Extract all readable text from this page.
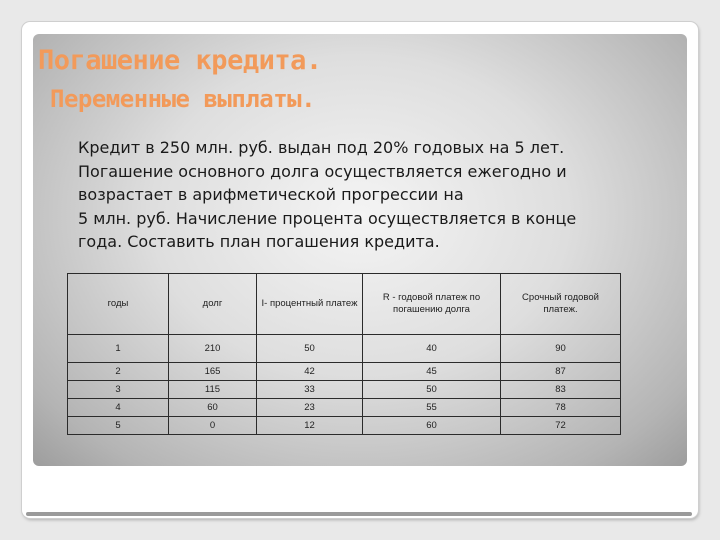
Погашение кредита.
Переменные выплаты.

Кредит в 250 млн. руб. выдан под 20% годовых на 5 лет.
Погашение основного долга осуществляется ежегодно и
возрастает в арифметической прогрессии на
5 млн. руб. Начисление процента осуществляется в конце
года. Составить план погашения кредита.

годы	долг	I- процентный платеж	R - годовой платеж по погашению долга	Срочный годовой платеж.
1	210	50	40	90
2	165	42	45	87
3	115	33	50	83
4	60	23	55	78
5	0	12	60	72
